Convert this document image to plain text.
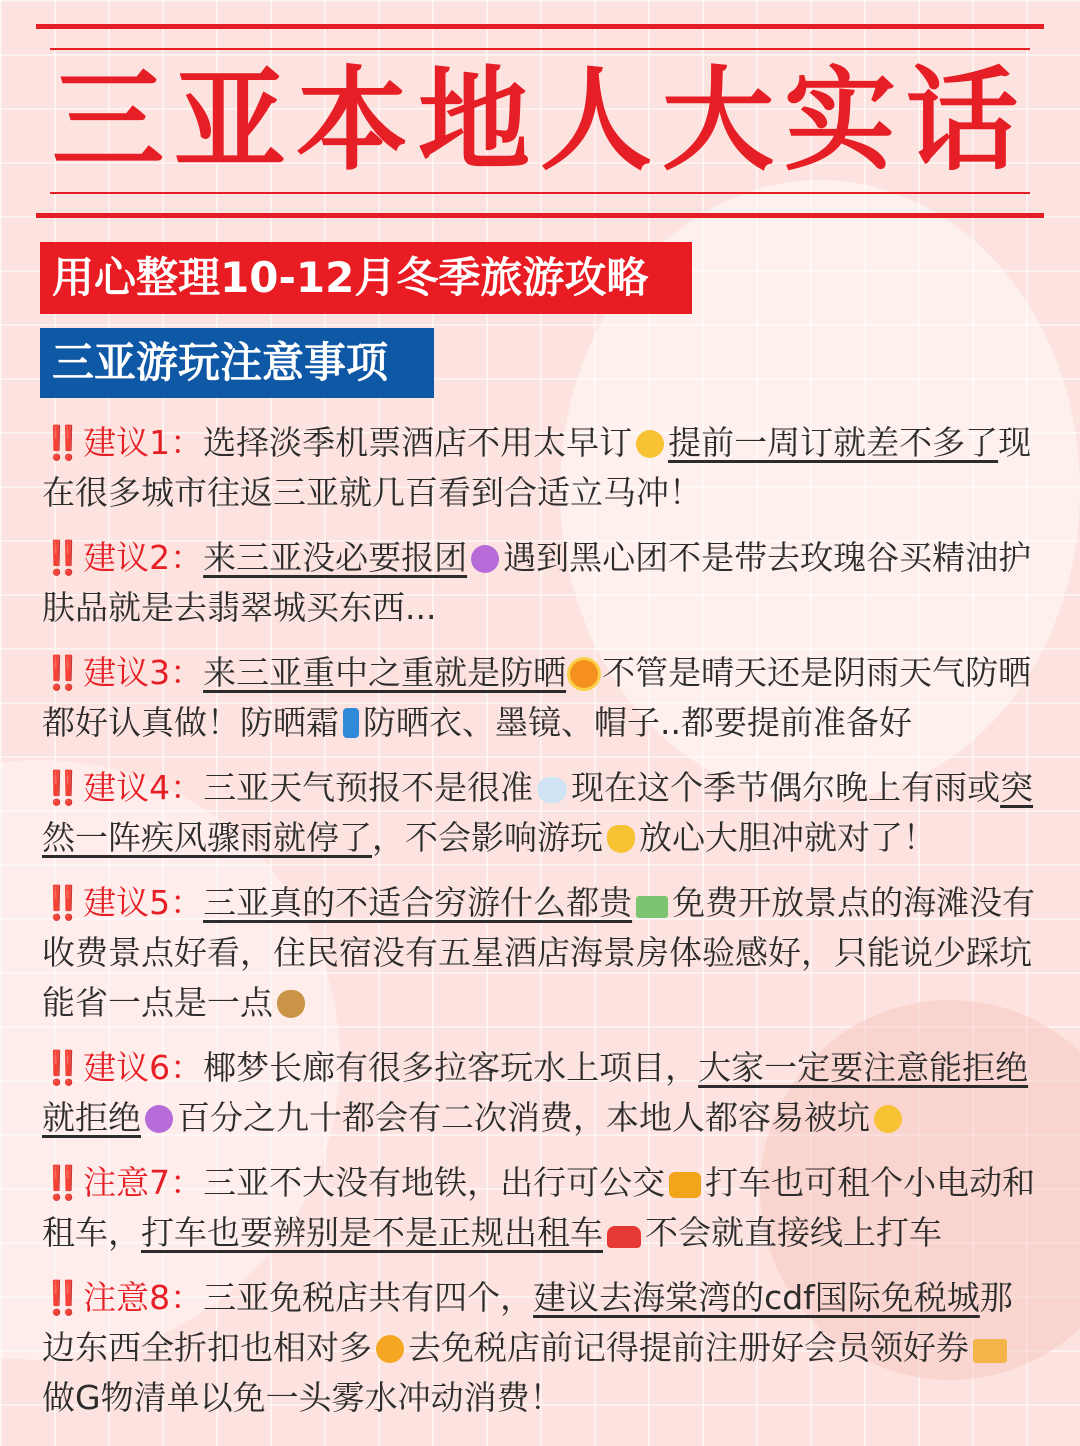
三亚本地人大实话
用心整理10-12月冬季旅游攻略
三亚游玩注意事项
‼️ 建议1：选择淡季机票酒店不用太早订 提前一周订就差不多了现在很多城市往返三亚就几百看到合适立马冲！
‼️ 建议2：来三亚没必要报团 遇到黑心团不是带去玫瑰谷买精油护肤品就是去翡翠城买东西...
‼️ 建议3：来三亚重中之重就是防晒 不管是晴天还是阴雨天气防晒都好认真做！防晒霜 防晒衣、墨镜、帽子..都要提前准备好
‼️ 建议4：三亚天气预报不是很准 现在这个季节偶尔晚上有雨或突然一阵疾风骤雨就停了，不会影响游玩 放心大胆冲就对了！
‼️ 建议5：三亚真的不适合穷游什么都贵 免费开放景点的海滩没有收费景点好看，住民宿没有五星酒店海景房体验感好，只能说少踩坑能省一点是一点
‼️ 建议6：椰梦长廊有很多拉客玩水上项目，大家一定要注意能拒绝就拒绝 百分之九十都会有二次消费，本地人都容易被坑
‼️ 注意7：三亚不大没有地铁，出行可公交 打车也可租个小电动和租车，打车也要辨别是不是正规出租车 不会就直接线上打车
‼️ 注意8：三亚免税店共有四个，建议去海棠湾的cdf国际免税城那边东西全折扣也相对多 去免税店前记得提前注册好会员领好券做G物清单以免一头雾水冲动消费！
